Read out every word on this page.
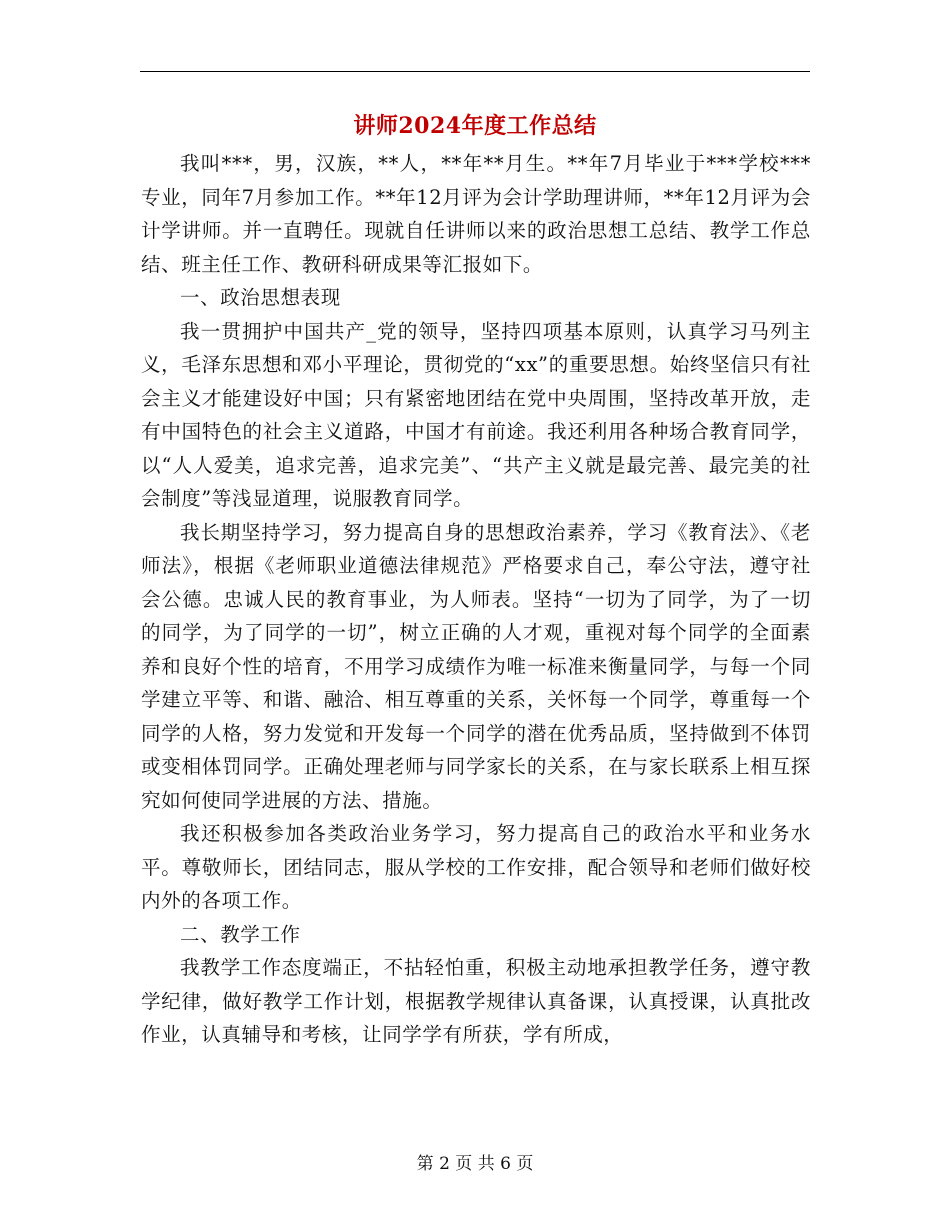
讲师2024年度工作总结

我叫***，男，汉族，**人，**年**月生。**年7月毕业于***学校***专业，同年7月参加工作。**年12月评为会计学助理讲师，**年12月评为会计学讲师。并一直聘任。现就自任讲师以来的政治思想工总结、教学工作总结、班主任工作、教研科研成果等汇报如下。

一、政治思想表现

我一贯拥护中国共产_党的领导，坚持四项基本原则，认真学习马列主义，毛泽东思想和邓小平理论，贯彻党的“xx”的重要思想。始终坚信只有社会主义才能建设好中国；只有紧密地团结在党中央周围，坚持改革开放，走有中国特色的社会主义道路，中国才有前途。我还利用各种场合教育同学，以“人人爱美，追求完善，追求完美”、“共产主义就是最完善、最完美的社会制度”等浅显道理，说服教育同学。

我长期坚持学习，努力提高自身的思想政治素养，学习《教育法》、《老师法》，根据《老师职业道德法律规范》严格要求自己，奉公守法，遵守社会公德。忠诚人民的教育事业，为人师表。坚持“一切为了同学，为了一切的同学，为了同学的一切”，树立正确的人才观，重视对每个同学的全面素养和良好个性的培育，不用学习成绩作为唯一标准来衡量同学，与每一个同学建立平等、和谐、融洽、相互尊重的关系，关怀每一个同学，尊重每一个同学的人格，努力发觉和开发每一个同学的潜在优秀品质，坚持做到不体罚或变相体罚同学。正确处理老师与同学家长的关系，在与家长联系上相互探究如何使同学进展的方法、措施。

我还积极参加各类政治业务学习，努力提高自己的政治水平和业务水平。尊敬师长，团结同志，服从学校的工作安排，配合领导和老师们做好校内外的各项工作。

二、教学工作

我教学工作态度端正，不拈轻怕重，积极主动地承担教学任务，遵守教学纪律，做好教学工作计划，根据教学规律认真备课，认真授课，认真批改作业，认真辅导和考核，让同学学有所获，学有所成，

第 2 页 共 6 页
